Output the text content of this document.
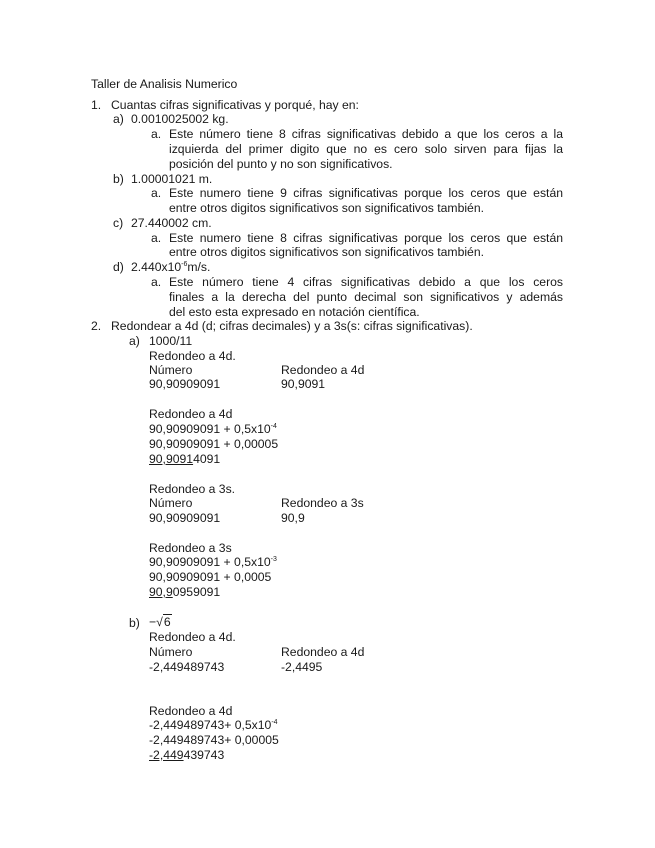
Taller de Analisis Numerico
1. Cuantas cifras significativas y porqué, hay en:
a) 0.0010025002 kg.
a. Este número tiene 8 cifras significativas debido a que los ceros a la
izquierda del primer digito que no es cero solo sirven para fijas la
posición del punto y no son significativos.
b) 1.00001021 m.
a. Este numero tiene 9 cifras significativas porque los ceros que están
entre otros digitos significativos son significativos también.
c) 27.440002 cm.
a. Este numero tiene 8 cifras significativas porque los ceros que están
entre otros digitos significativos son significativos también.
d) $2.440x10^{-6}m/s$.
a. Este número tiene 4 cifras significativas debido a que los ceros
finales a la derecha del punto decimal son significativos y además
del esto esta expresado en notación científica.
2. Redondear a 4d (d; cifras decimales) y a 3s(s: cifras significativas).
a) 1000/11
Redondeo a 4d.
Número	Redondeo a 4d
90,90909091	90,9091
Redondeo a 4d
$90,90909091 + 0,5x10^{-4}$
90,90909091 + 0,00005
90,90914091
Redondeo a 3s.
Número	Redondeo a 3s
90,90909091	90,9
Redondeo a 3s
$90,90909091 + 0,5x10^{-3}$
90,90909091 + 0,0005
90,90959091
b) −√6
Redondeo a 4d.
Número	Redondeo a 4d
-2,449489743	-2,4495
Redondeo a 4d
$-2,449489743+ 0,5x10^{-4}$
-2,449489743+ 0,00005
-2,449439743
